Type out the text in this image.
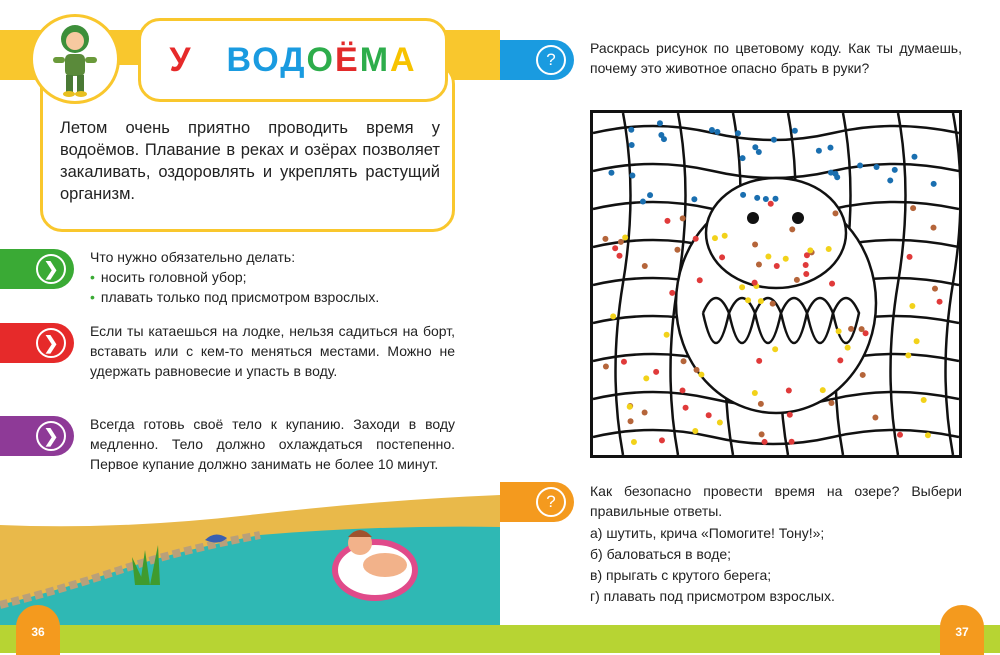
У ВОДОЁМА
Летом очень приятно проводить время у водоёмов. Плавание в реках и озёрах позволяет закаливать, оздоровлять и укреплять растущий организм.
❯
Что нужно обязательно делать:
• носить головной убор;
• плавать только под присмотром взрослых.
❯
Если ты катаешься на лодке, нельзя садиться на борт, вставать или с кем-то меняться местами. Можно не удержать равновесие и упасть в воду.
❯
Всегда готовь своё тело к купанию. Заходи в воду медленно. Тело должно охлаждаться постепенно. Первое купание должно занимать не более 10 минут.
?
Раскрась рисунок по цветовому коду. Как ты думаешь, почему это животное опасно брать в руки?
?
Как безопасно провести время на озере? Выбери правильные ответы.
а) шутить, крича «Помогите! Тону!»;
б) баловаться в воде;
в) прыгать с крутого берега;
г) плавать под присмотром взрослых.
36	37
